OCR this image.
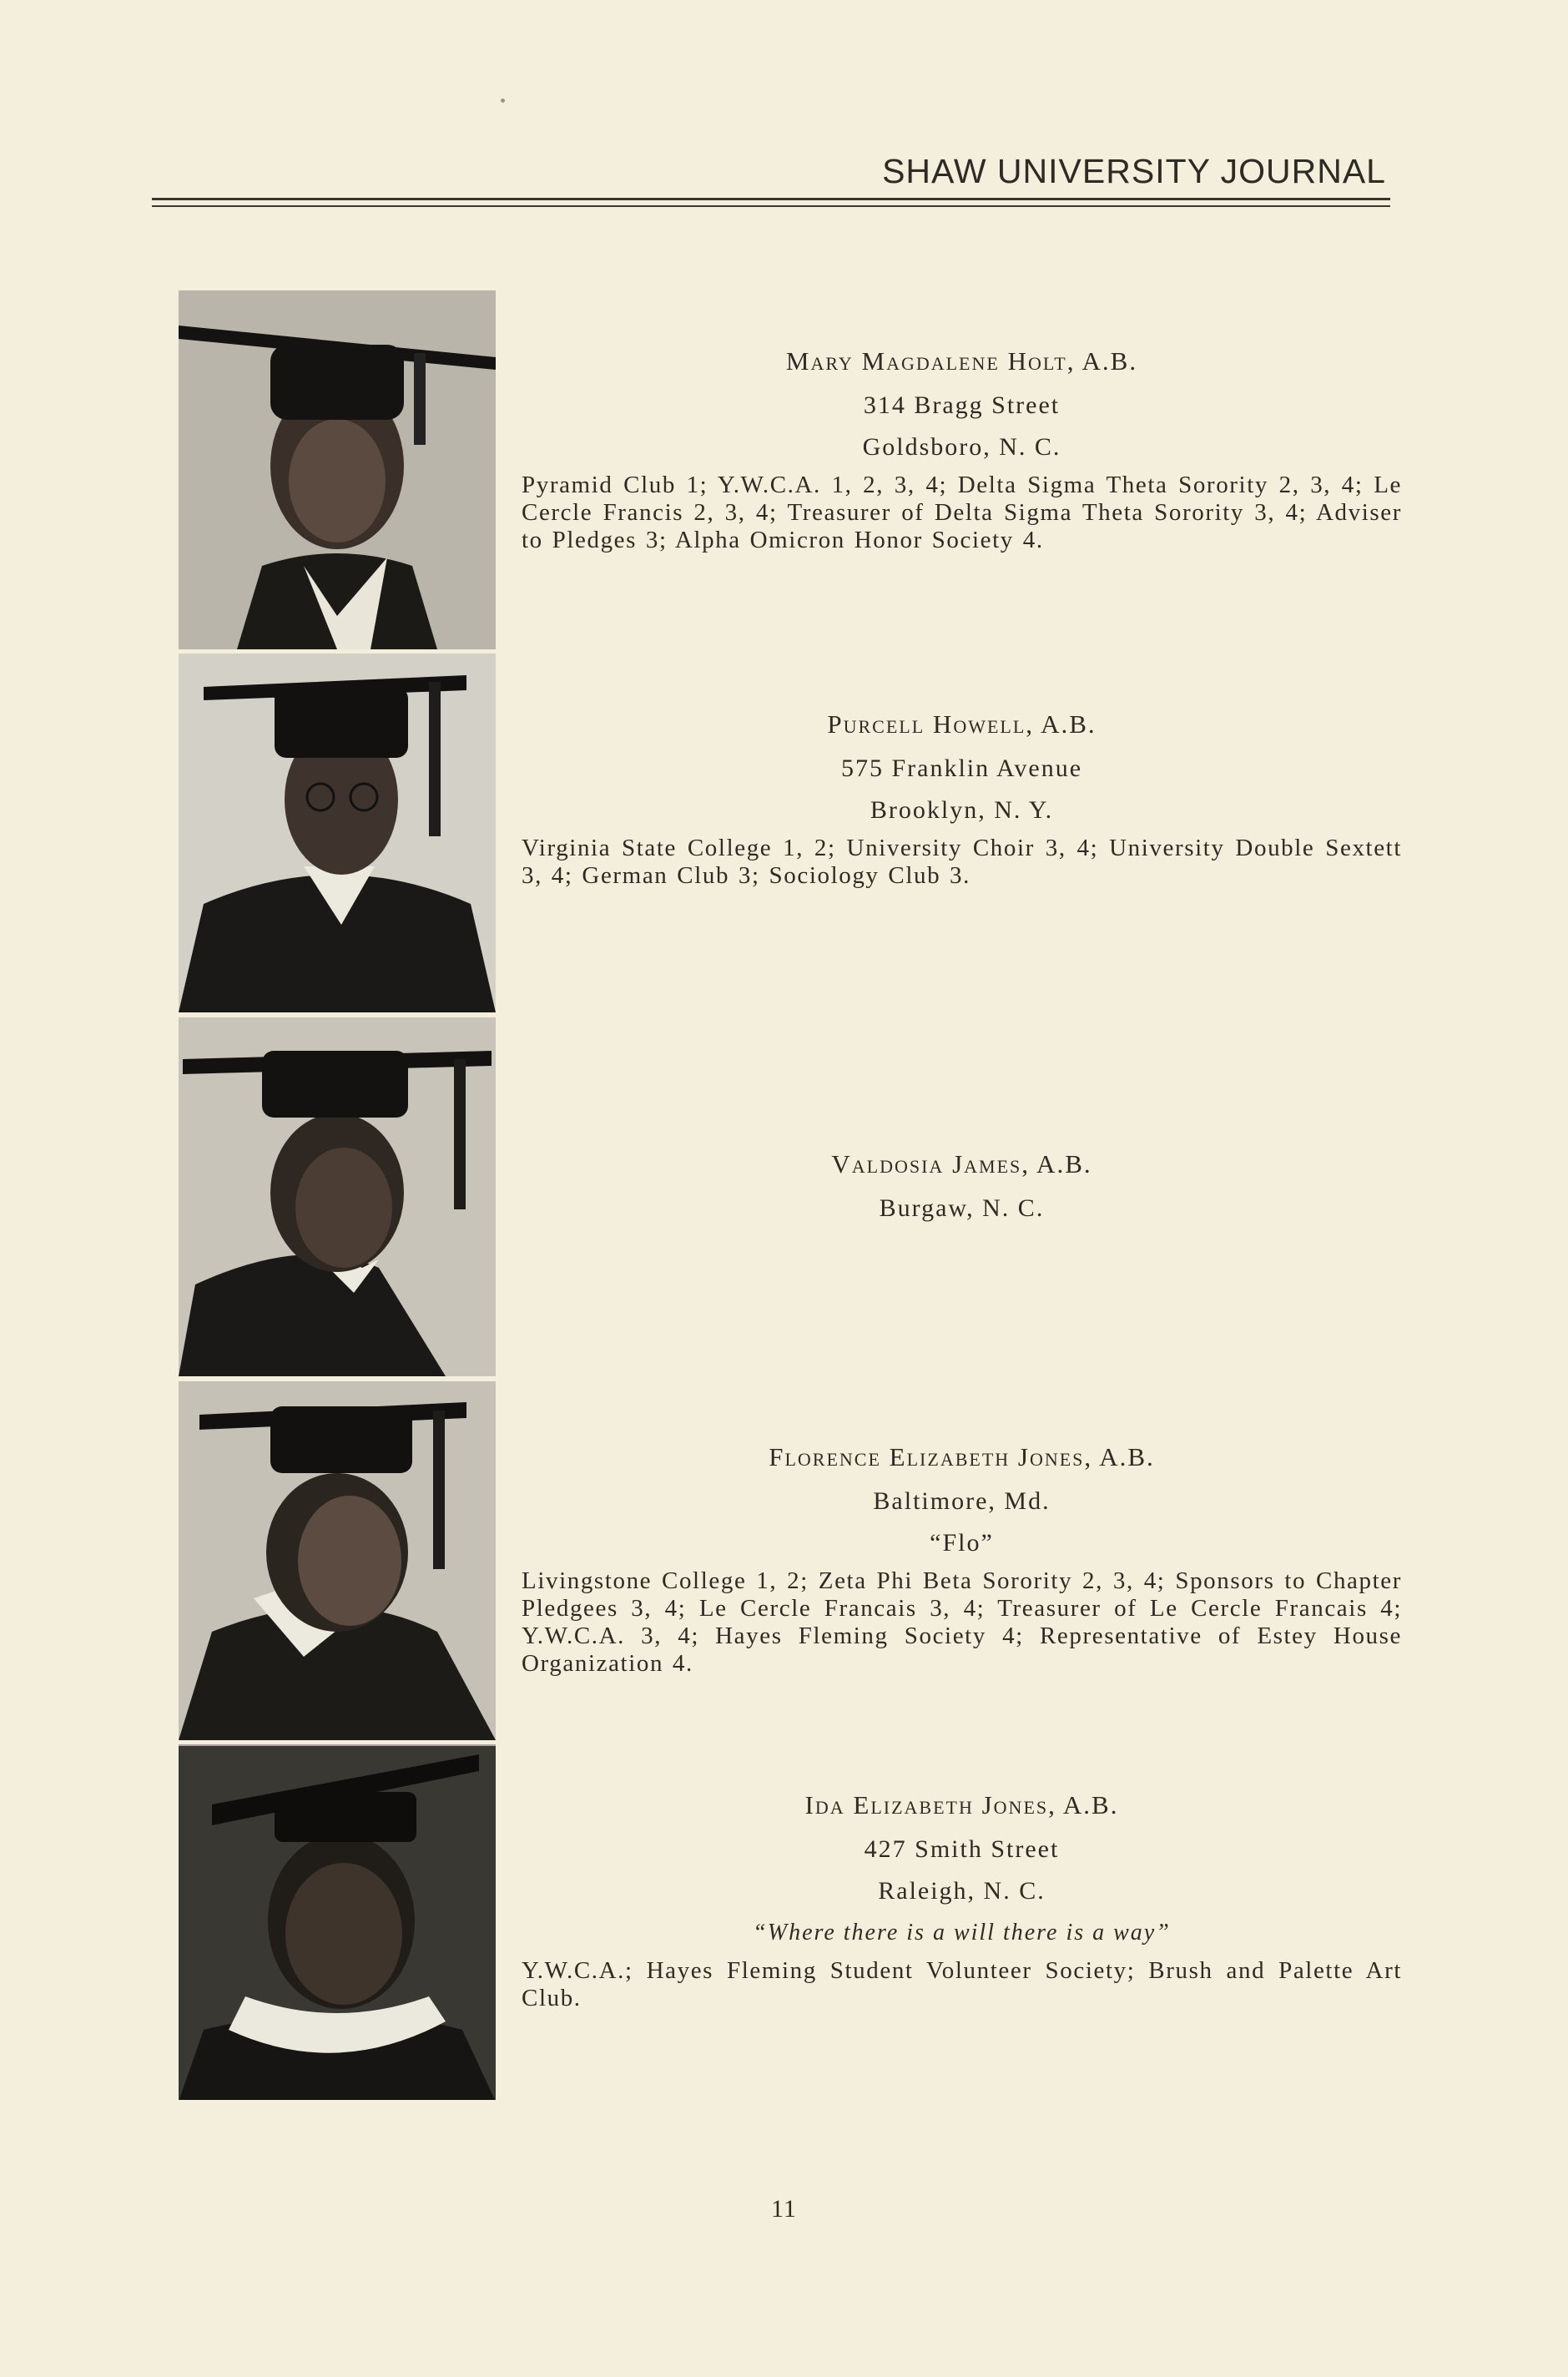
SHAW UNIVERSITY JOURNAL
MARY MAGDALENE HOLT, A.B.
314 Bragg Street
Goldsboro, N. C.
Pyramid Club 1; Y.W.C.A. 1, 2, 3, 4; Delta Sigma Theta Sorority 2, 3, 4; Le Cercle Francis 2, 3, 4; Treasurer of Delta Sigma Theta Sorority 3, 4; Adviser to Pledges 3; Alpha Omicron Honor Society 4.
PURCELL HOWELL, A.B.
575 Franklin Avenue
Brooklyn, N. Y.
Virginia State College 1, 2; University Choir 3, 4; University Double Sextett 3, 4; German Club 3; Sociology Club 3.
VALDOSIA JAMES, A.B.
Burgaw, N. C.
FLORENCE ELIZABETH JONES, A.B.
Baltimore, Md.
“Flo”
Livingstone College 1, 2; Zeta Phi Beta Sorority 2, 3, 4; Sponsors to Chapter Pledgees 3, 4; Le Cercle Francais 3, 4; Treasurer of Le Cercle Francais 4; Y.W.C.A. 3, 4; Hayes Fleming Society 4; Representative of Estey House Organization 4.
IDA ELIZABETH JONES, A.B.
427 Smith Street
Raleigh, N. C.
“Where there is a will there is a way”
Y.W.C.A.; Hayes Fleming Student Volunteer Society; Brush and Palette Art Club.
11
